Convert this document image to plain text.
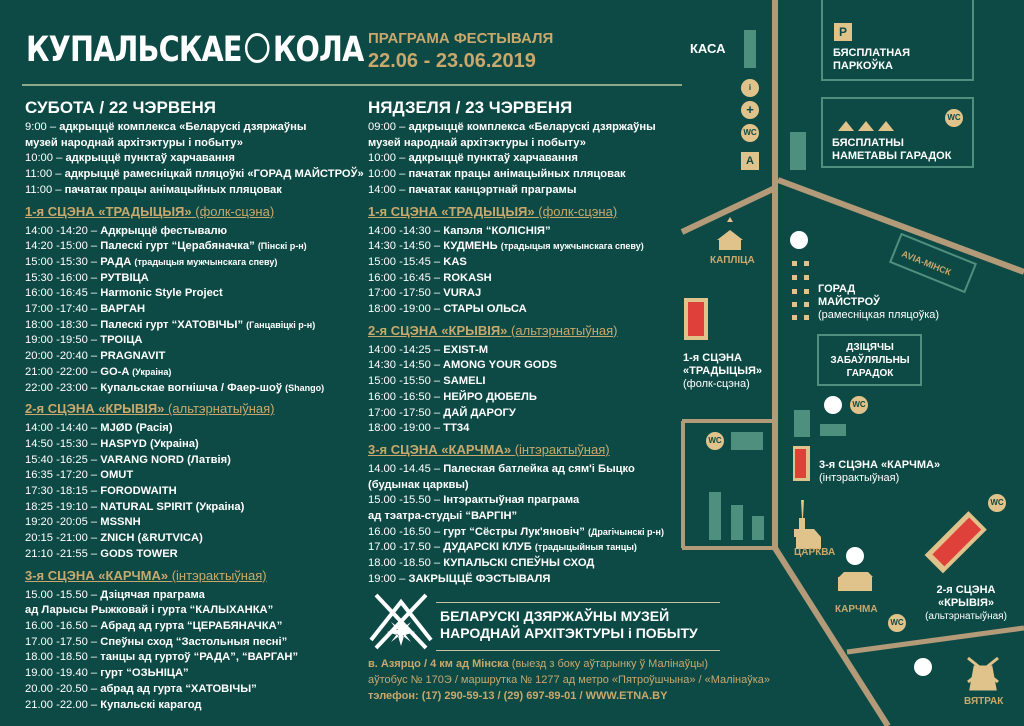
КУПАЛЬСКАЕ КОЛА ПРАГРАМА ФЕСТЫВАЛЯ
22.06 - 23.06.2019
СУБОТА / 22 ЧЭРВЕНЯ
9:00 – адкрыццё комплекса «Беларускі дзяржаўны
музей народнай архітэктуры і побыту»
10:00 – адкрыццё пунктаў харчавання
11:00 – адкрыццё рамесніцкай пляцоўкі «ГОРАД МАЙСТРОЎ»
11:00 – пачатак працы анімацыйных пляцовак
1-я СЦЭНА «ТРАДЫЦЫЯ» (фолк-сцэна)
14:00 -14:20 – Адкрыццё фестывалю
14:20 -15:00 – Палескі гурт “Церабяначка” (Пінскі р-н)
15:00 -15:30 – РАДА (традыцыя мужчынскага спеву)
15:30 -16:00 – РУТВІЦА
16:00 -16:45 – Harmonic Style Project
17:00 -17:40 – ВАРГАН
18:00 -18:30 – Палескі гурт “ХАТОВІЧЫ” (Ганцавіцкі р-н)
19:00 -19:50 – ТРОІЦА
20:00 -20:40 – PRAGNAVIT
21:00 -22:00 – GO-A (Украіна)
22:00 -23:00 – Купальскае вогнішча / Фаер-шоў (Shango)
2-я СЦЭНА «КРЫВІЯ» (альтэрнатыўная)
14:00 -14:40 – MJØD (Расія)
14:50 -15:30 – HASPYD (Украіна)
15:40 -16:25 – VARANG NORD (Латвія)
16:35 -17:20 – OMUT
17:30 -18:15 – FORODWAITH
18:25 -19:10 – NATURAL SPIRIT (Украіна)
19:20 -20:05 – MSSNH
20:15 -21:00 – ZNICH (&RUTVICA)
21:10 -21:55 – GODS TOWER
3-я СЦЭНА «КАРЧМА» (інтэрактыўная)
15.00 -15.50 – Дзіцячая праграма
ад Ларысы Рыжковай і гурта “КАЛЫХАНКА”
16.00 -16.50 – Абрад ад гурта “ЦЕРАБЯНАЧКА”
17.00 -17.50 – Спеўны сход “Застольныя песні”
18.00 -18.50 – танцы ад гуртоў “РАДА”, “ВАРГАН”
19.00 -19.40 – гурт “ОЗЬНІЦА”
20.00 -20.50 – абрад ад гурта “ХАТОВІЧЫ”
21.00 -22.00 – Купальскі карагод
НЯДЗЕЛЯ / 23 ЧЭРВЕНЯ
09:00 – адкрыццё комплекса «Беларускі дзяржаўны
музей народнай архітэктуры і побыту»
10:00 – адкрыццё пунктаў харчавання
10:00 – пачатак працы анімацыйных пляцовак
14:00 – пачатак канцэртнай праграмы
1-я СЦЭНА «ТРАДЫЦЫЯ» (фолк-сцэна)
14:00 -14:30 – Капэля “КОЛІСНІЯ”
14:30 -14:50 – КУДМЕНЬ (традыцыя мужчынскага спеву)
15:00 -15:45 – KAS
16:00 -16:45 – ROKASH
17:00 -17:50 – VURAJ
18:00 -19:00 – СТАРЫ ОЛЬСА
2-я СЦЭНА «КРЫВІЯ» (альтэрнатыўная)
14:00 -14:25 – EXIST-M
14:30 -14:50 – AMONG YOUR GODS
15:00 -15:50 – SAMELI
16:00 -16:50 – НЕЙРО ДЮБЕЛЬ
17:00 -17:50 – ДАЙ ДАРОГУ
18:00 -19:00 – ТТ34
3-я СЦЭНА «КАРЧМА» (інтэрактыўная)
14.00 -14.45 – Палеская батлейка ад сям'і Быцко
(будынак царквы)
15.00 -15.50 – Інтэрактыўная праграма
ад тэатра-студыі “ВАРГІН”
16.00 -16.50 – гурт “Сёстры Лук'яновіч” (Драгічынскі р-н)
17.00 -17.50 – ДУДАРСКІ КЛУБ (традыцыйныя танцы)
18.00 -18.50 – КУПАЛЬСКІ СПЕЎНЫ СХОД
19:00 – ЗАКРЫЦЦЁ ФЭСТЫВАЛЯ
БЕЛАРУСКІ ДЗЯРЖАЎНЫ МУЗЕЙ
НАРОДНАЙ АРХІТЭКТУРЫ і ПОБЫТУ
в. Азярцо / 4 км ад Мінска (выезд з боку аўтарынку ў Малінаўцы)
аўтобус № 170Э / маршрутка № 1277 ад метро «Пятроўшчына» / «Малінаўка»
тэлефон: (17) 290-59-13 / (29) 697-89-01 / WWW.ETNA.BY
КАСА
i
+
WC
A
P
БЯСПЛАТНАЯ
ПАРКОЎКА
WC
БЯСПЛАТНЫ
НАМЕТАВЫ ГАРАДОК
КАПЛІЦА
ГОРАД
МАЙСТРОЎ
(рамесніцкая пляцоўка)
AVIA-MІНСК
ДЗІЦЯЧЫ
ЗАБАЎЛЯЛЬНЫ
ГАРАДОК
1-я СЦЭНА
«ТРАДЫЦЫЯ»
(фолк-сцэна)
WC
WC
3-я СЦЭНА «КАРЧМА»
(інтэрактыўная)
WC
ЦАРКВА
КАРЧМА
WC
2-я СЦЭНА
«КРЫВІЯ»
(альтэрнатыўная)
ВЯТРАК
